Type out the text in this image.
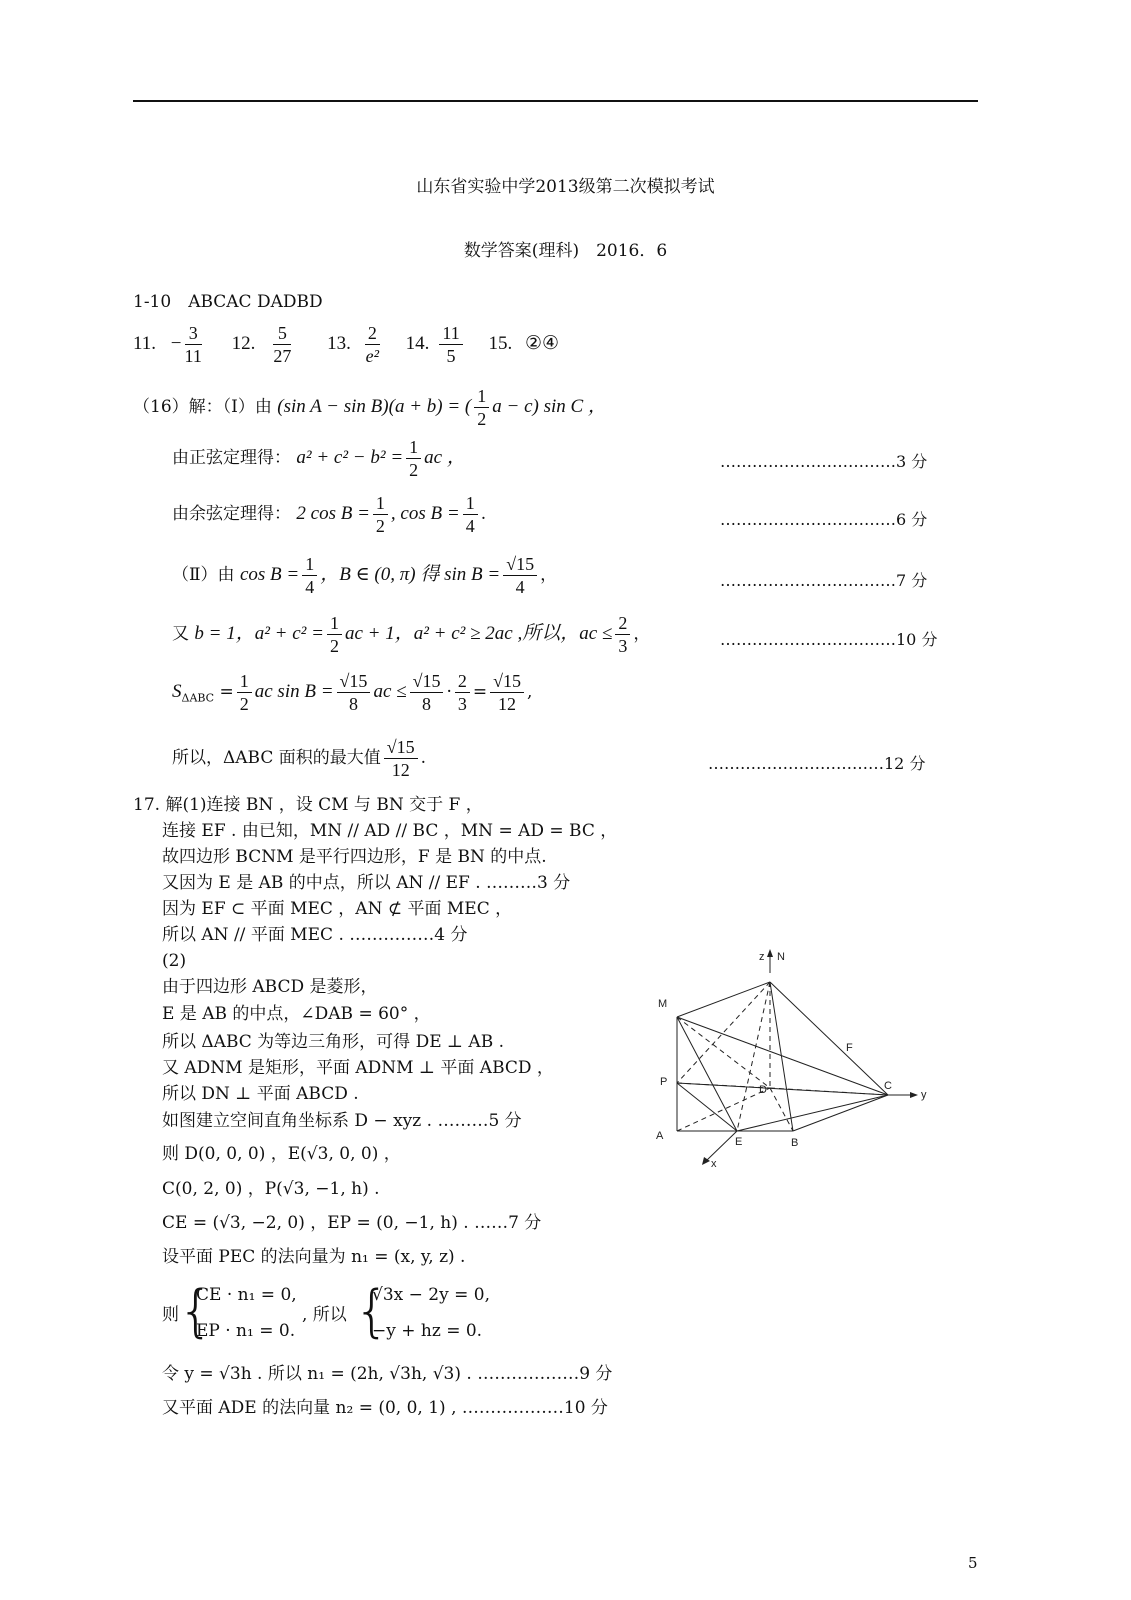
山东省实验中学2013级第二次模拟考试
数学答案(理科)　2016．6
1-10　ABCAC DADBD
11. − $\frac{3}{11} 12$. $\frac{5}{27} 13$. $\frac{2}{\text{e²}} 14$. $\frac{11}{5} 15$. ②④
（16）解：（Ⅰ）由 (sin A − sin B)(a + b) = ( $\frac{1}{2}$ a − c) sin C ，
由正弦定理得： $a^2 + c^2 - b^2 = \frac{1}{2}$ ac ，	……………………………3 分
由余弦定理得： 2 $\cos B = \frac{1}{2}$ , $\cos B = \frac{1}{4}$ .	……………………………6 分
（Ⅱ）由 $\cos B = \frac{1}{4}$ ，B ∈ (0, π) 得 $\sin B = \frac{√15}{4}$ ，	……………………………7 分
又 b = 1，$a^2 + c^2 = \frac{1}{2}$ ac + 1，a² + c² ≥ 2ac ,所以，ac ≤ $\frac{2}{3}$ ，	……………………………10 分
$S_{\Delta ABC} = \frac{1}{2}$ ac $\sin B = \frac{√15}{8}$ ac ≤ $\frac{√15}{8} \cdot \frac{2}{3} = \frac{√15}{12}$ ,
所以，ΔABC 面积的最大值 $\frac{√15}{12}$ .	……………………………12 分
17. 解(1)连接 BN ，设 CM 与 BN 交于 F ，
连接 EF . 由已知，MN // AD // BC ，MN = AD = BC ，
故四边形 BCNM 是平行四边形，F 是 BN 的中点.
又因为 E 是 AB 的中点，所以 AN // EF . ………3 分
因为 EF ⊂ 平面 MEC ，AN ⊄ 平面 MEC ，
所以 AN // 平面 MEC . ……………4 分
(2)
由于四边形 ABCD 是菱形，
E 是 AB 的中点，∠DAB = 60° ，
所以 ΔABC 为等边三角形，可得 DE ⊥ AB .
又 ADNM 是矩形，平面 ADNM ⊥ 平面 ABCD ，
所以 DN ⊥ 平面 ABCD .
如图建立空间直角坐标系 D − xyz . ………5 分
则 D(0, 0, 0) ，E(√3, 0, 0) ，
C(0, 2, 0) ，P(√3, −1, h) .
CE = (√3, −2, 0) ，EP = (0, −1, h) . ……7 分
设平面 PEC 的法向量为 n₁ = (x, y, z) .
则 {
CE · n₁ = 0,
EP · n₁ = 0.
, 所以 {
√3x − 2y = 0,
−y + hz = 0.
令 y = √3h . 所以 n₁ = (2h, √3h, √3) . ………………9 分
又平面 ADE 的法向量 n₂ = (0, 0, 1) , ………………10 分
z N
M
F
P
D	C
y
A	E	B
x
5
